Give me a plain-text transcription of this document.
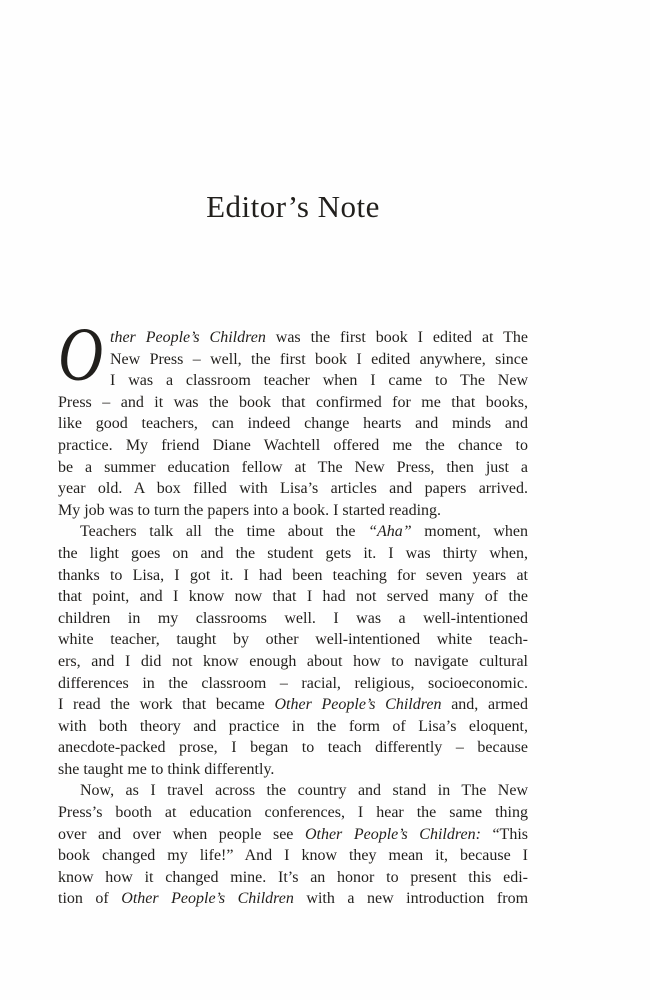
Editor’s Note
O ther People’s Children was the first book I edited at The
New Press – well, the first book I edited anywhere, since
I was a classroom teacher when I came to The New
Press – and it was the book that confirmed for me that books,
like good teachers, can indeed change hearts and minds and
practice. My friend Diane Wachtell offered me the chance to
be a summer education fellow at The New Press, then just a
year old. A box filled with Lisa’s articles and papers arrived.
My job was to turn the papers into a book. I started reading.
Teachers talk all the time about the “Aha” moment, when
the light goes on and the student gets it. I was thirty when,
thanks to Lisa, I got it. I had been teaching for seven years at
that point, and I know now that I had not served many of the
children in my classrooms well. I was a well-intentioned
white teacher, taught by other well-intentioned white teach-
ers, and I did not know enough about how to navigate cultural
differences in the classroom – racial, religious, socioeconomic.
I read the work that became Other People’s Children and, armed
with both theory and practice in the form of Lisa’s eloquent,
anecdote-packed prose, I began to teach differently – because
she taught me to think differently.
Now, as I travel across the country and stand in The New
Press’s booth at education conferences, I hear the same thing
over and over when people see Other People’s Children: “This
book changed my life!” And I know they mean it, because I
know how it changed mine. It’s an honor to present this edi-
tion of Other People’s Children with a new introduction from
